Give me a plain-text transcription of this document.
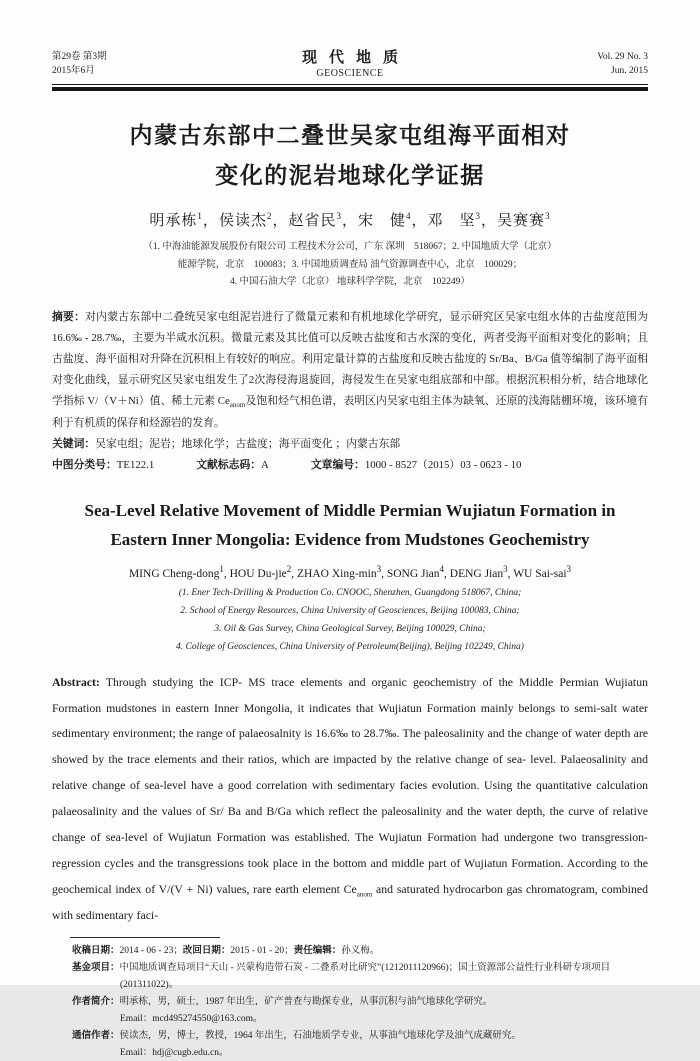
第29卷 第3期
2015年6月
现代地质
GEOSCIENCE
Vol. 29 No. 3
Jun. 2015
内蒙古东部中二叠世吴家屯组海平面相对
变化的泥岩地球化学证据
明承栋$^1$，侯读杰$^2$，赵省民$^3$，宋　健$^4$，邓　坚$^3$，吴赛赛$^3$
（1. 中海油能源发展股份有限公司 工程技术分公司，广东 深圳　518067；2. 中国地质大学（北京）
能源学院，北京　100083；3. 中国地质调查局 油气资源调查中心，北京　100029；
4. 中国石油大学（北京） 地球科学学院，北京　102249）

摘要：对内蒙古东部中二叠统吴家屯组泥岩进行了微量元素和有机地球化学研究，显示研究区吴家屯组水体的古盐度范围为16.6‰ - 28.7‰，主要为半咸水沉积。微量元素及其比值可以反映古盐度和古水深的变化，两者受海平面相对变化的影响；且古盐度、海平面相对升降在沉积相上有较好的响应。利用定量计算的古盐度和反映古盐度的 Sr/Ba、B/Ga 值等编制了海平面相对变化曲线，显示研究区吴家屯组发生了2次海侵海退旋回，海侵发生在吴家屯组底部和中部。根据沉积相分析，结合地球化学指标 V/（V＋Ni）值、稀土元素 $Ce_{anom}$及饱和烃气相色谱，表明区内吴家屯组主体为缺氧、还原的浅海陆棚环境，该环境有利于有机质的保存和烃源岩的发育。

关键词：吴家屯组；泥岩；地球化学；古盐度；海平面变化 ；内蒙古东部

中图分类号： TE122.1	文献标志码： A	文章编号： 1000 - 8527（2015）03 - 0623 - 10

Sea-Level Relative Movement of Middle Permian Wujiatun Formation in
Eastern Inner Mongolia: Evidence from Mudstones Geochemistry
MING Cheng-dong$^1$, HOU Du-jie$^2$, ZHAO Xing-$\min^3$, SONG Jian$^4$, DENG Jian$^3$, WU Sai-sai$^3$
(1. Ener Tech-Drilling & Production Co. CNOOC, Shenzhen, Guangdong 518067, China;
2. School of Energy Resources, China University of Geosciences, Beijing 100083, China;
3. Oil & Gas Survey, China Geological Survey, Beijing 100029, China;
4. College of Geosciences, China University of Petroleum(Beijing), Beijing 102249, China)
Abstract: Through studying the ICP- MS trace elements and organic geochemistry of the Middle Permian Wujiatun Formation mudstones in eastern Inner Mongolia, it indicates that Wujiatun Formation mainly belongs to semi-salt water sedimentary environment; the range of palaeosalnity is 16.6‰ to 28.7‰. The paleosalinity and the change of water depth are showed by the trace elements and their ratios, which are impacted by the relative change of sea- level. Palaeosalinity and relative change of sea-level have a good correlation with sedimentary facies evolution. Using the quantitative calculation palaeosalinity and the values of Sr/ Ba and B/Ga which reflect the paleosalinity and the water depth, the curve of relative change of sea-level of Wujiatun Formation was established. The Wujiatun Formation had undergone two transgression-regression cycles and the transgressions took place in the bottom and middle part of Wujiatun Formation. According to the geochemical index of V/(V + Ni) values, rare earth element $Ce_{anom}$ and saturated hydrocarbon gas chromatogram, combined with sedimentary faci-
收稿日期：2014 - 06 - 23；改回日期：2015 - 01 - 20；责任编辑：孙义梅。
基金项目：中国地质调查局项目“天山 - 兴蒙构造带石炭 - 二叠系对比研究”(1212011120966)；国土资源部公益性行业科研专项项目(201311022)。
作者简介：明承栋，男，硕士，1987 年出生，矿产普查与勘探专业，从事沉积与油气地球化学研究。
Email：mcd495274550@163.com。
通信作者：侯读杰，男，博士，教授，1964 年出生，石油地质学专业，从事油气地球化学及油气成藏研究。
Email：hdj@cugb.edu.cn。
